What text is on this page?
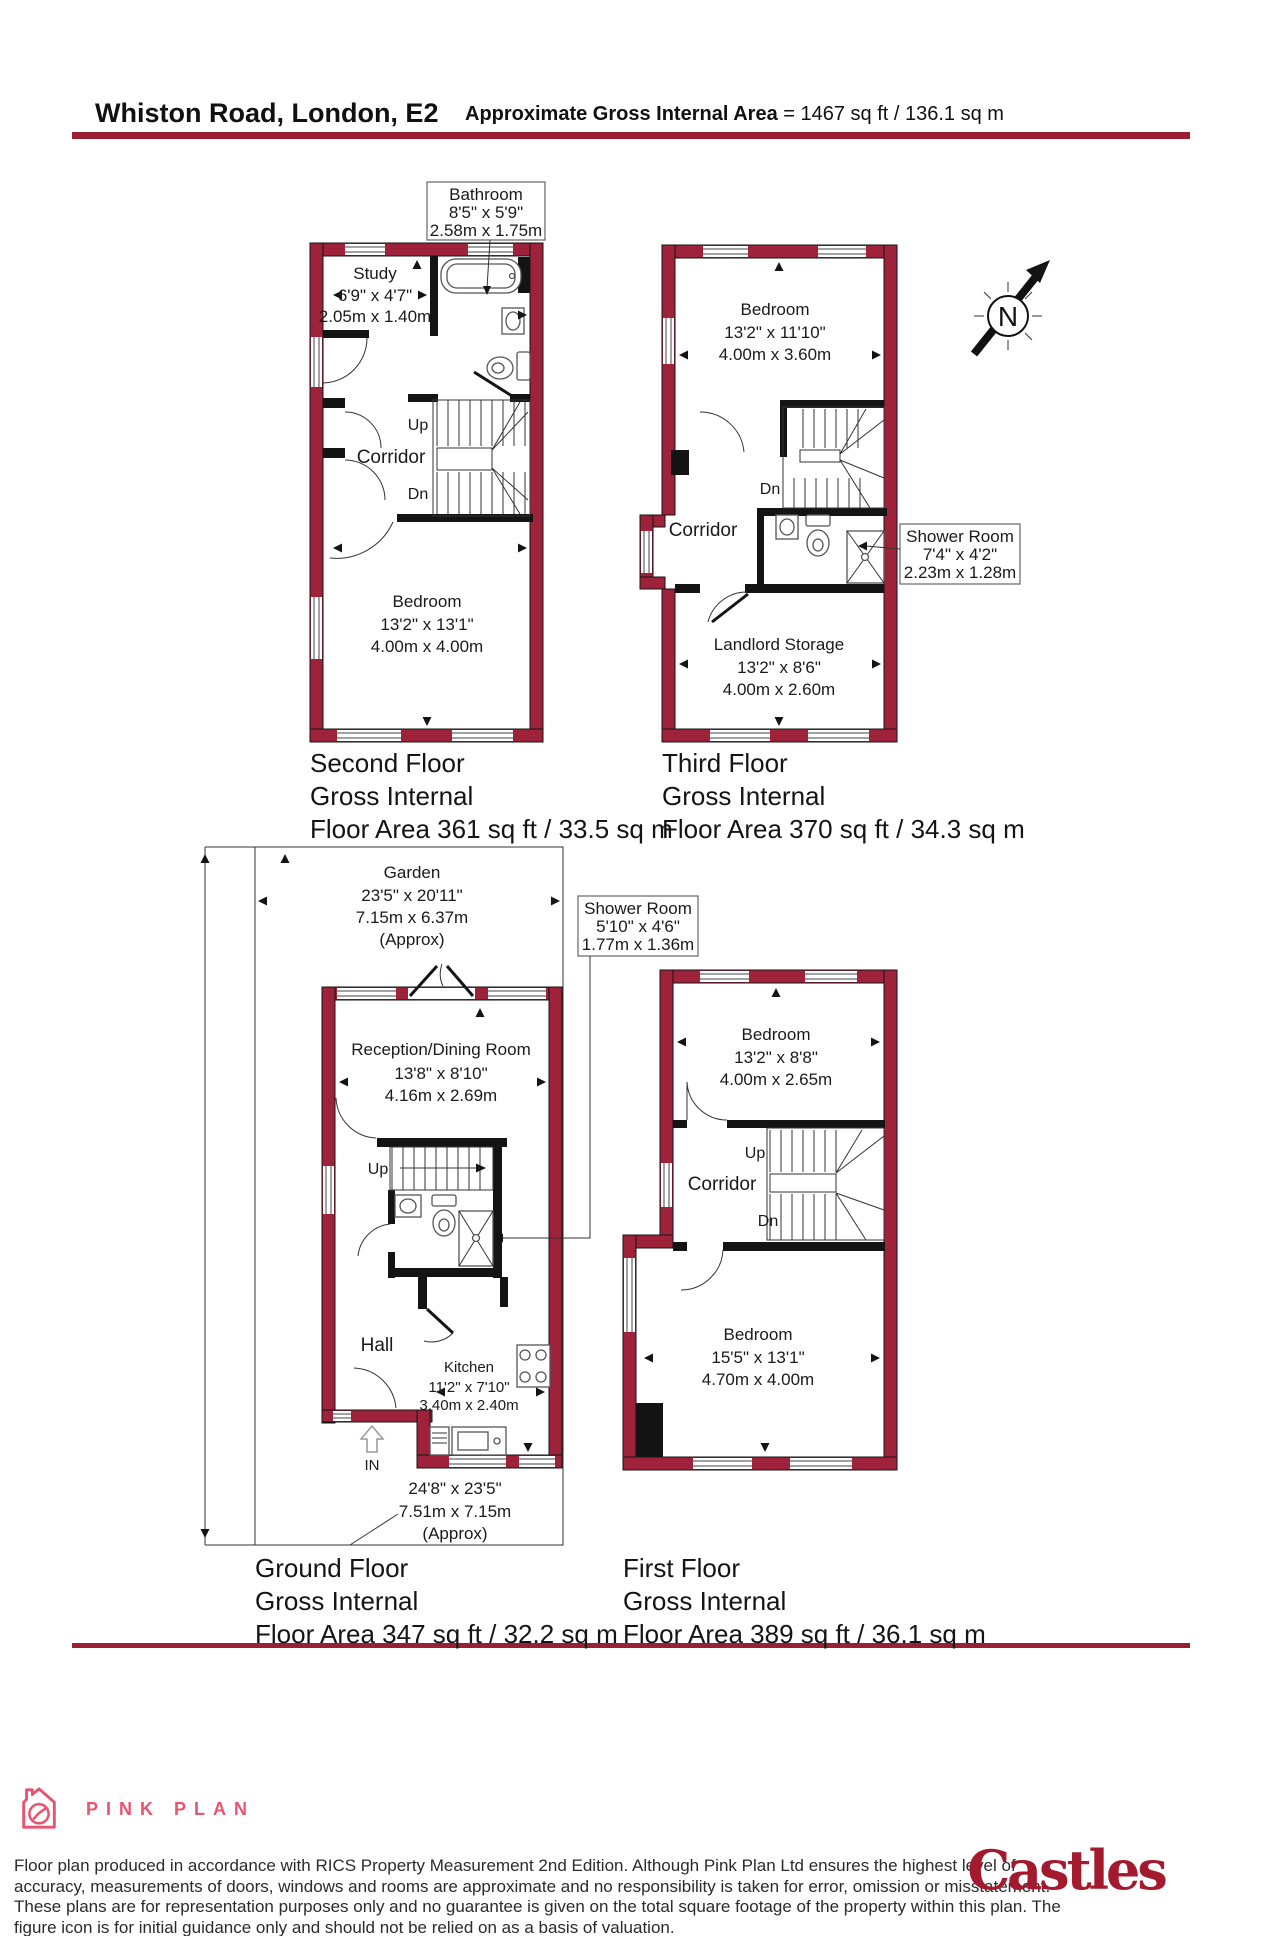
Whiston Road, London, E2 Approximate Gross Internal Area = 1467 sq ft / 136.1 sq m
Bathroom
8'5" x 5'9"
2.58m x 1.75m
Study
6'9" x 4'7"
2.05m x 1.40m
Corridor
Up
Dn
Bedroom
13'2" x 13'1"
4.00m x 4.00m
Shower Room
7'4" x 4'2"
2.23m x 1.28m
Bedroom
13'2" x 11'10"
4.00m x 3.60m
Dn
Corridor
Landlord Storage
13'2" x 8'6"
4.00m x 2.60m
N
Shower Room
5'10" x 4'6"
1.77m x 1.36m
Garden
23'5" x 20'11"
7.15m x 6.37m
(Approx)
Reception/Dining Room
13'8" x 8'10"
4.16m x 2.69m
Up
Hall
Kitchen
11'2" x 7'10"
3.40m x 2.40m
IN
24'8" x 23'5"
7.51m x 7.15m
(Approx)
Bedroom
13'2" x 8'8"
4.00m x 2.65m
Up
Dn
Corridor
Bedroom
15'5" x 13'1"
4.70m x 4.00m
Second Floor
Gross Internal
Floor Area 361 sq ft / 33.5 sq m
Third Floor
Gross Internal
Floor Area 370 sq ft / 34.3 sq m
Ground Floor
Gross Internal
Floor Area 347 sq ft / 32.2 sq m
First Floor
Gross Internal
Floor Area 389 sq ft / 36.1 sq m
PINK PLAN
Floor plan produced in accordance with RICS Property Measurement 2nd Edition. Although Pink Plan Ltd ensures the highest level of accuracy, measurements of doors, windows and rooms are approximate and no responsibility is taken for error, omission or misstatement. These plans are for representation purposes only and no guarantee is given on the total square footage of the property within this plan. The figure icon is for initial guidance only and should not be relied on as a basis of valuation.
Castles
